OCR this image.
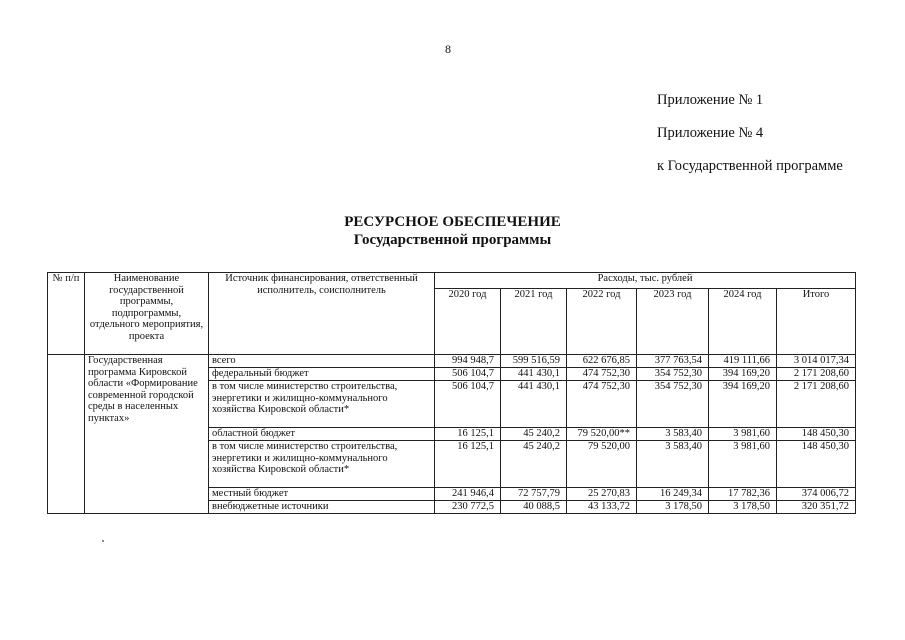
8
Приложение № 1
Приложение № 4
к Государственной программе
РЕСУРСНОЕ ОБЕСПЕЧЕНИЕ
Государственной программы
№ п/п	Наименование государственной программы, подпрограммы, отдельного мероприятия, проекта	Источник финансирования, ответственный исполнитель, соисполнитель	Расходы, тыс. рублей					
			2020 год	2021 год	2022 год	2023 год	2024 год	Итого
	Государственная программа Кировской области «Формирование современной городской среды в населенных пунктах»	всего	994 948,7	599 516,59	622 676,85	377 763,54	419 111,66	3 014 017,34
		федеральный бюджет	506 104,7	441 430,1	474 752,30	354 752,30	394 169,20	2 171 208,60
		в том числе министерство строительства, энергетики и жилищно-коммунального хозяйства Кировской области*	506 104,7	441 430,1	474 752,30	354 752,30	394 169,20	2 171 208,60
		областной бюджет	16 125,1	45 240,2	79 520,00**	3 583,40	3 981,60	148 450,30
		в том числе министерство строительства, энергетики и жилищно-коммунального хозяйства Кировской области*	16 125,1	45 240,2	79 520,00	3 583,40	3 981,60	148 450,30
		местный бюджет	241 946,4	72 757,79	25 270,83	16 249,34	17 782,36	374 006,72
		внебюджетные источники	230 772,5	40 088,5	43 133,72	3 178,50	3 178,50	320 351,72
